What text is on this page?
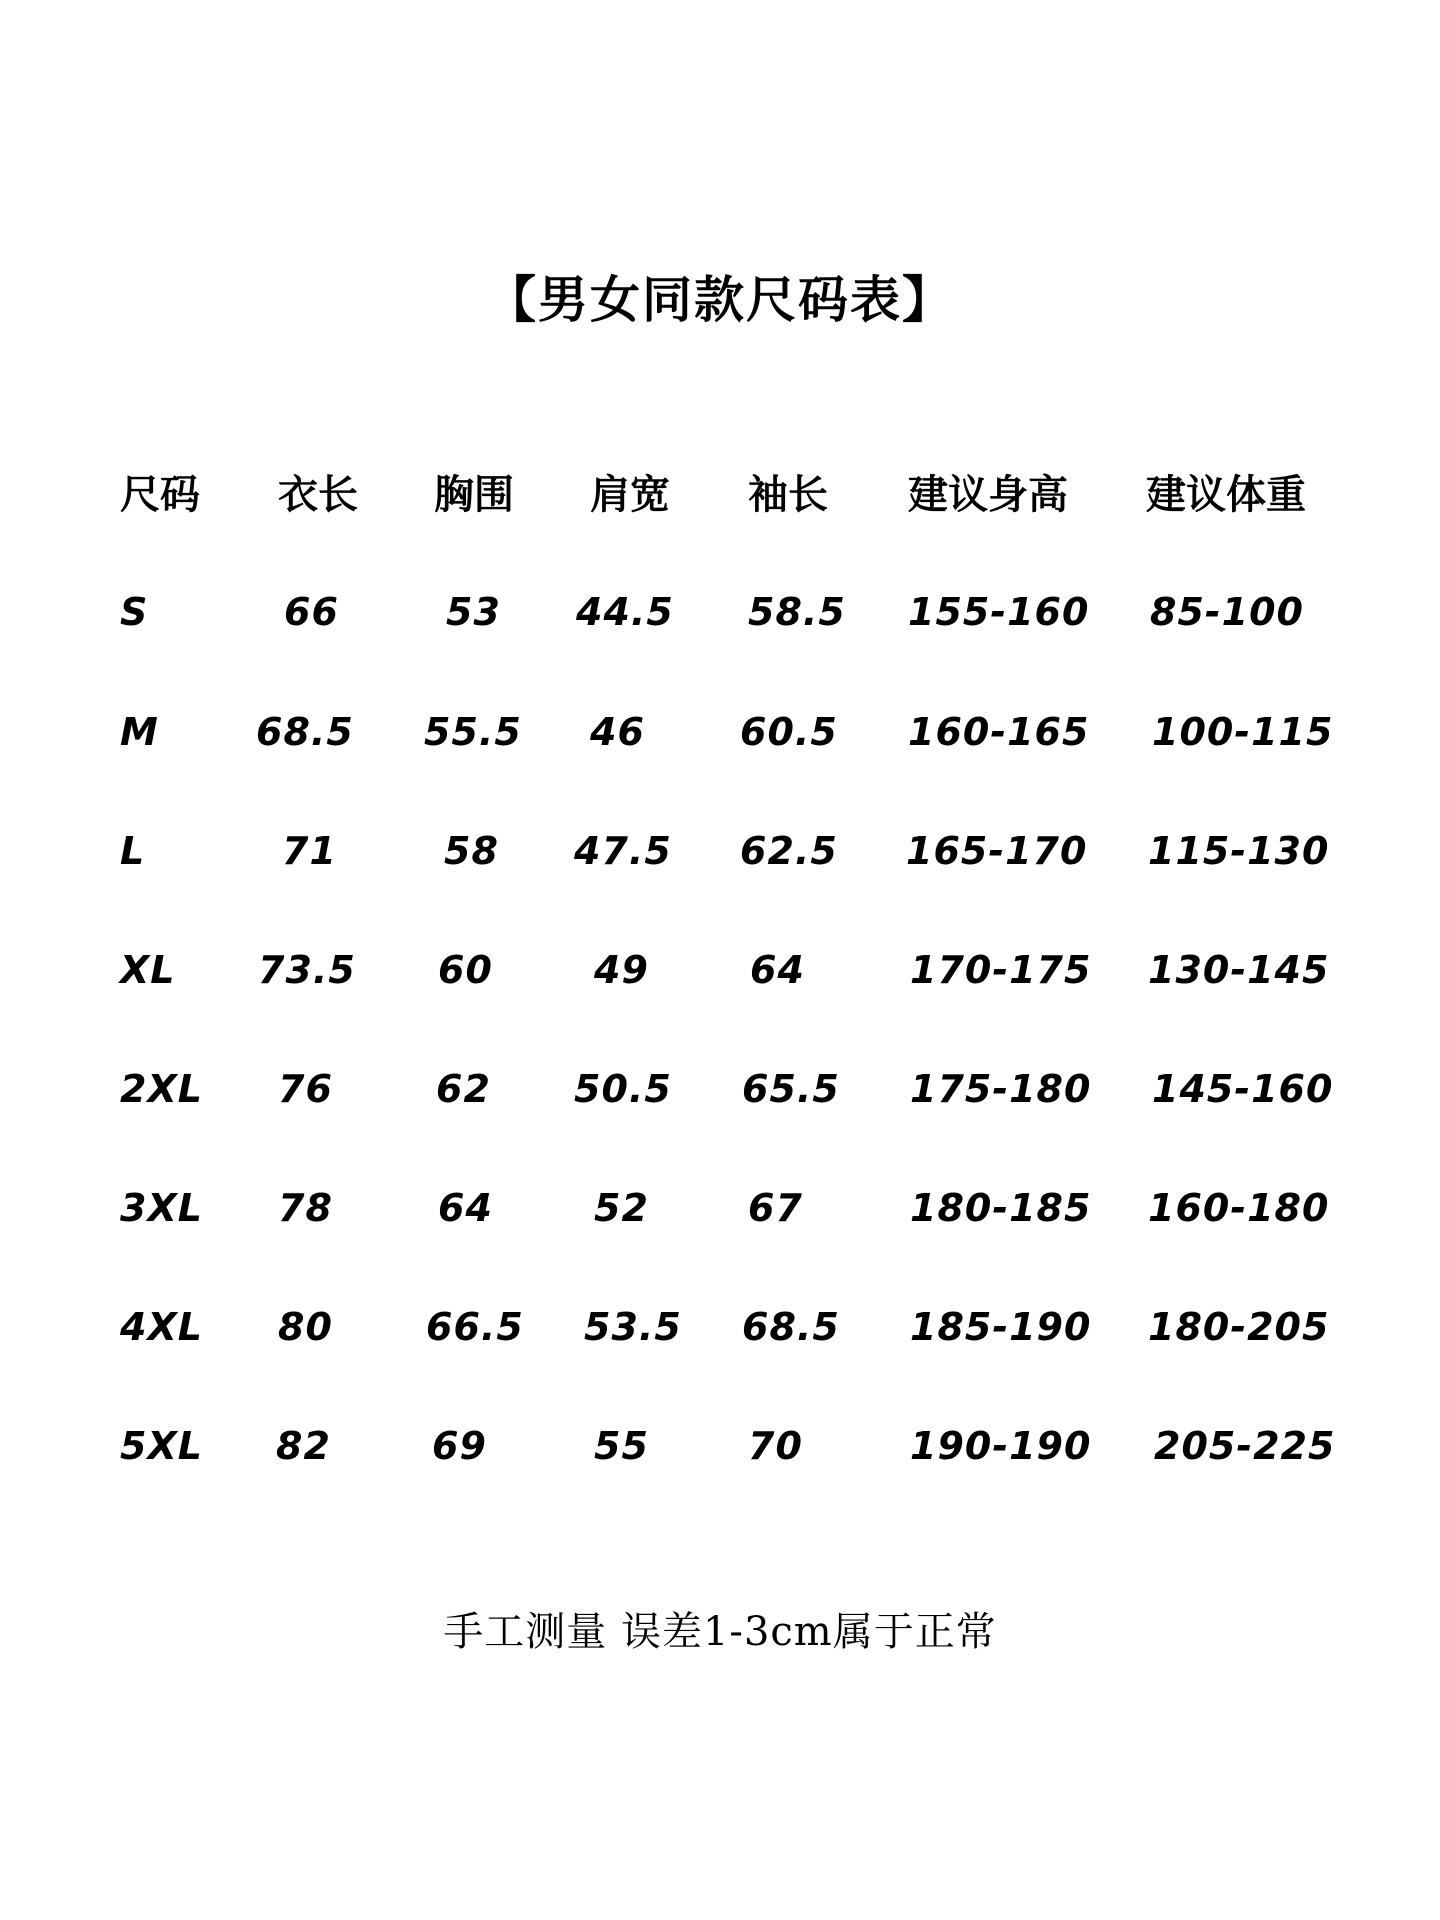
【男女同款尺码表】
尺码 衣长 胸围 肩宽 袖长 建议身高 建议体重
S	66	53 44.5 58.5 155-160 85-100
M	68.5 55.5 46	60.5 160-165 100-115
L	71	58 47.5 62.5 165-170 115-130
XL 73.5 60	49	64	170-175 130-145
2XL 76	62 50.5 65.5 175-180 145-160
3XL 78	64	52	67	180-185 160-180
4XL 80 66.5 53.5 68.5 185-190 180-205
5XL 82	69	55	70	190-190 205-225
手工测量 误差1-3cm属于正常
